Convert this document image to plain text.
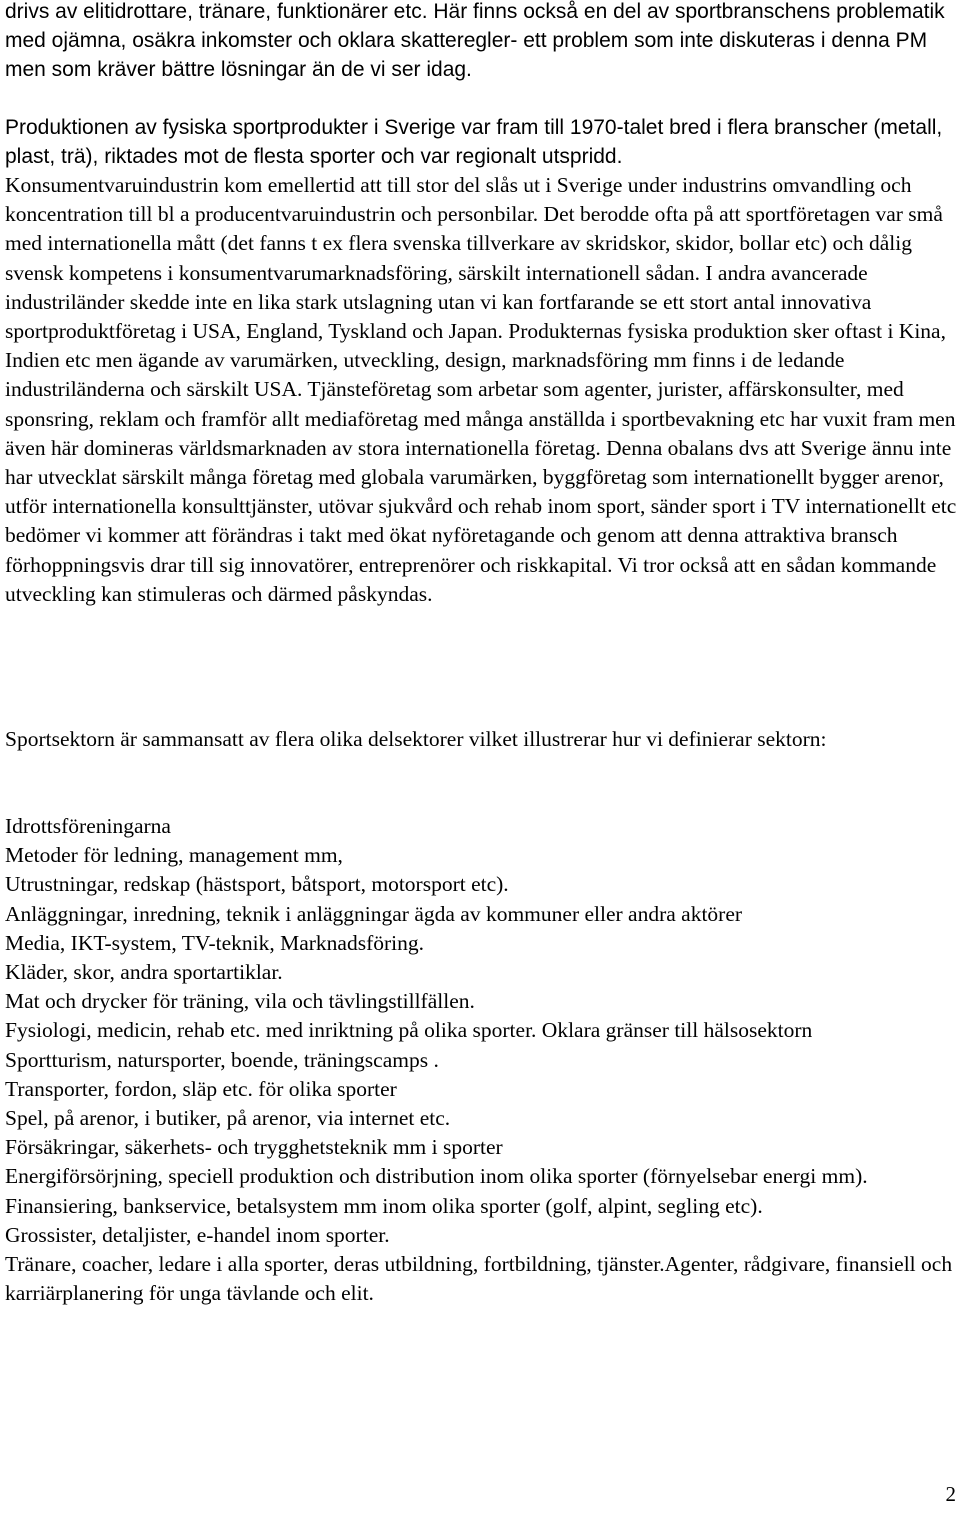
drivs av elitidrottare, tränare, funktionärer etc. Här finns också en del av sportbranschens problematik med ojämna, osäkra inkomster och oklara skatteregler- ett problem som inte diskuteras i denna PM men som kräver bättre lösningar än de vi ser idag.

Produktionen av fysiska sportprodukter i Sverige var fram till 1970-talet bred i flera branscher (metall, plast, trä), riktades mot de flesta sporter och var regionalt utspridd.

Konsumentvaruindustrin kom emellertid att till stor del slås ut i Sverige under industrins omvandling och koncentration till bl a producentvaruindustrin och personbilar. Det berodde ofta på att sportföretagen var små med internationella mått (det fanns t ex flera svenska tillverkare av skridskor, skidor, bollar etc) och dålig svensk kompetens i konsumentvarumarknadsföring, särskilt internationell sådan. I andra avancerade industriländer skedde inte en lika stark utslagning utan vi kan fortfarande se ett stort antal innovativa sportproduktföretag i USA, England, Tyskland och Japan. Produkternas fysiska produktion sker oftast i Kina, Indien etc men ägande av varumärken, utveckling, design, marknadsföring mm finns i de ledande industriländerna och särskilt USA. Tjänsteföretag som arbetar som agenter, jurister, affärskonsulter, med sponsring, reklam och framför allt mediaföretag med många anställda i sportbevakning etc har vuxit fram men även här domineras världsmarknaden av stora internationella företag. Denna obalans dvs att Sverige ännu inte har utvecklat särskilt många företag med globala varumärken, byggföretag som internationellt bygger arenor, utför internationella konsulttjänster, utövar sjukvård och rehab inom sport, sänder sport i TV internationellt etc bedömer vi kommer att förändras i takt med ökat nyföretagande och genom att denna attraktiva bransch förhoppningsvis drar till sig innovatörer, entreprenörer och riskkapital. Vi tror också att en sådan kommande utveckling kan stimuleras och därmed påskyndas.

Sportsektorn är sammansatt av flera olika delsektorer vilket illustrerar hur vi definierar sektorn:

Idrottsföreningarna
Metoder för ledning, management mm,
Utrustningar, redskap (hästsport, båtsport, motorsport etc).
Anläggningar, inredning, teknik i anläggningar ägda av kommuner eller andra aktörer
Media, IKT-system, TV-teknik, Marknadsföring.
Kläder, skor, andra sportartiklar.
Mat och drycker för träning, vila och tävlingstillfällen.
Fysiologi, medicin, rehab etc. med inriktning på olika sporter. Oklara gränser till hälsosektorn
Sportturism, natursporter, boende, träningscamps .
Transporter, fordon, släp etc. för olika sporter
Spel, på arenor, i butiker, på arenor, via internet etc.
Försäkringar, säkerhets- och trygghetsteknik mm i sporter
Energiförsörjning, speciell produktion och distribution inom olika sporter (förnyelsebar energi mm).
Finansiering, bankservice, betalsystem mm inom olika sporter (golf, alpint, segling etc).
Grossister, detaljister, e-handel inom sporter.
Tränare, coacher, ledare i alla sporter, deras utbildning, fortbildning, tjänster.Agenter, rådgivare, finansiell och karriärplanering för unga tävlande och elit.
2
